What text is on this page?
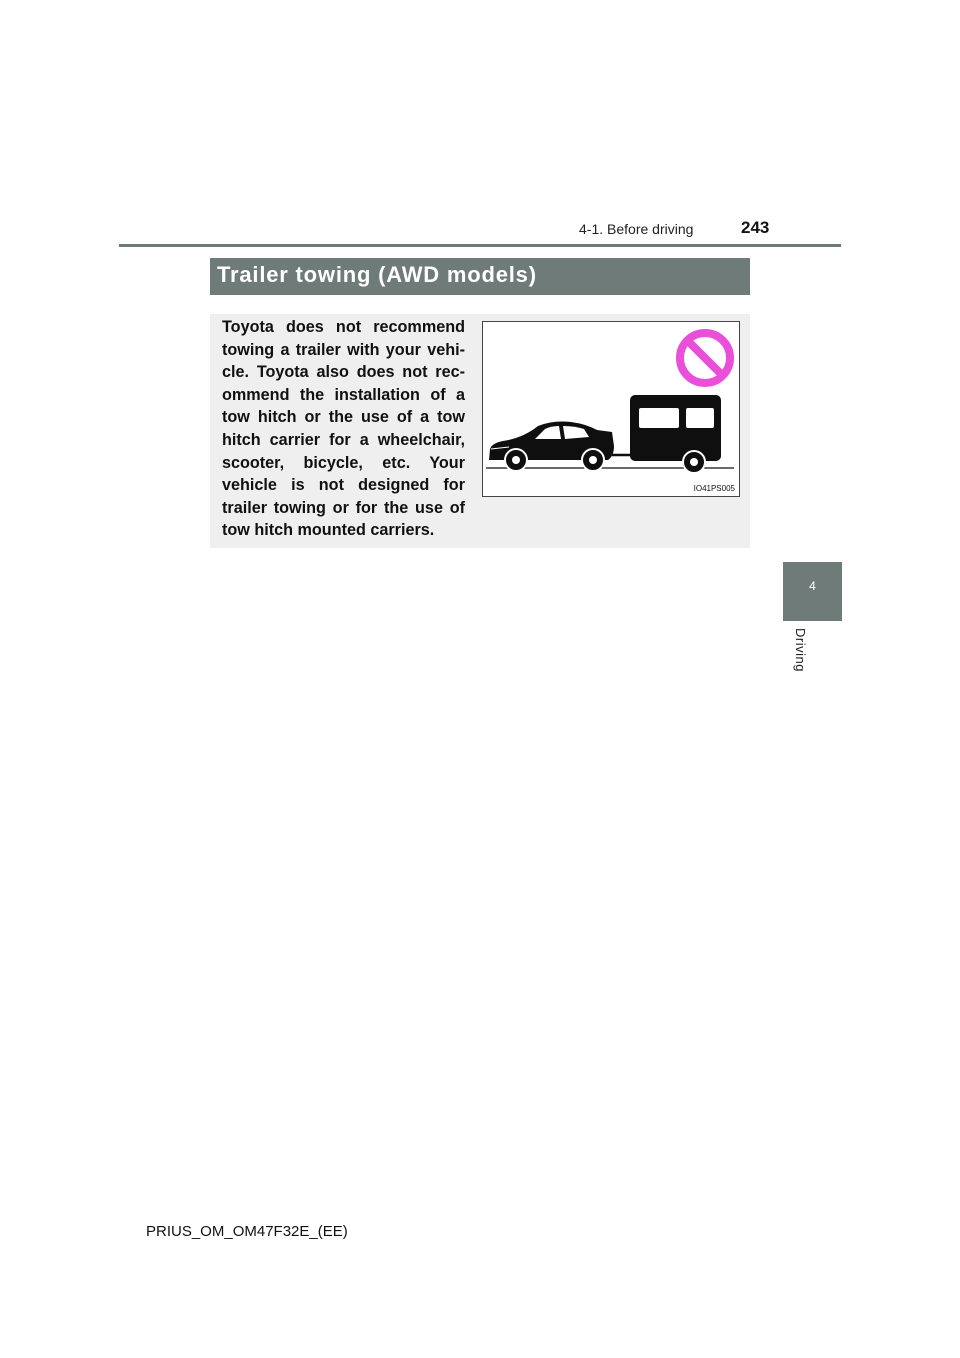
4-1. Before driving	243
Trailer towing (AWD models)
Toyota does not recommend
towing a trailer with your vehi-
cle. Toyota also does not rec-
ommend the installation of a
tow hitch or the use of a tow
hitch carrier for a wheelchair,
scooter, bicycle, etc. Your
vehicle is not designed for
trailer towing or for the use of
tow hitch mounted carriers.
IO41PS005
4
Driving
PRIUS_OM_OM47F32E_(EE)
